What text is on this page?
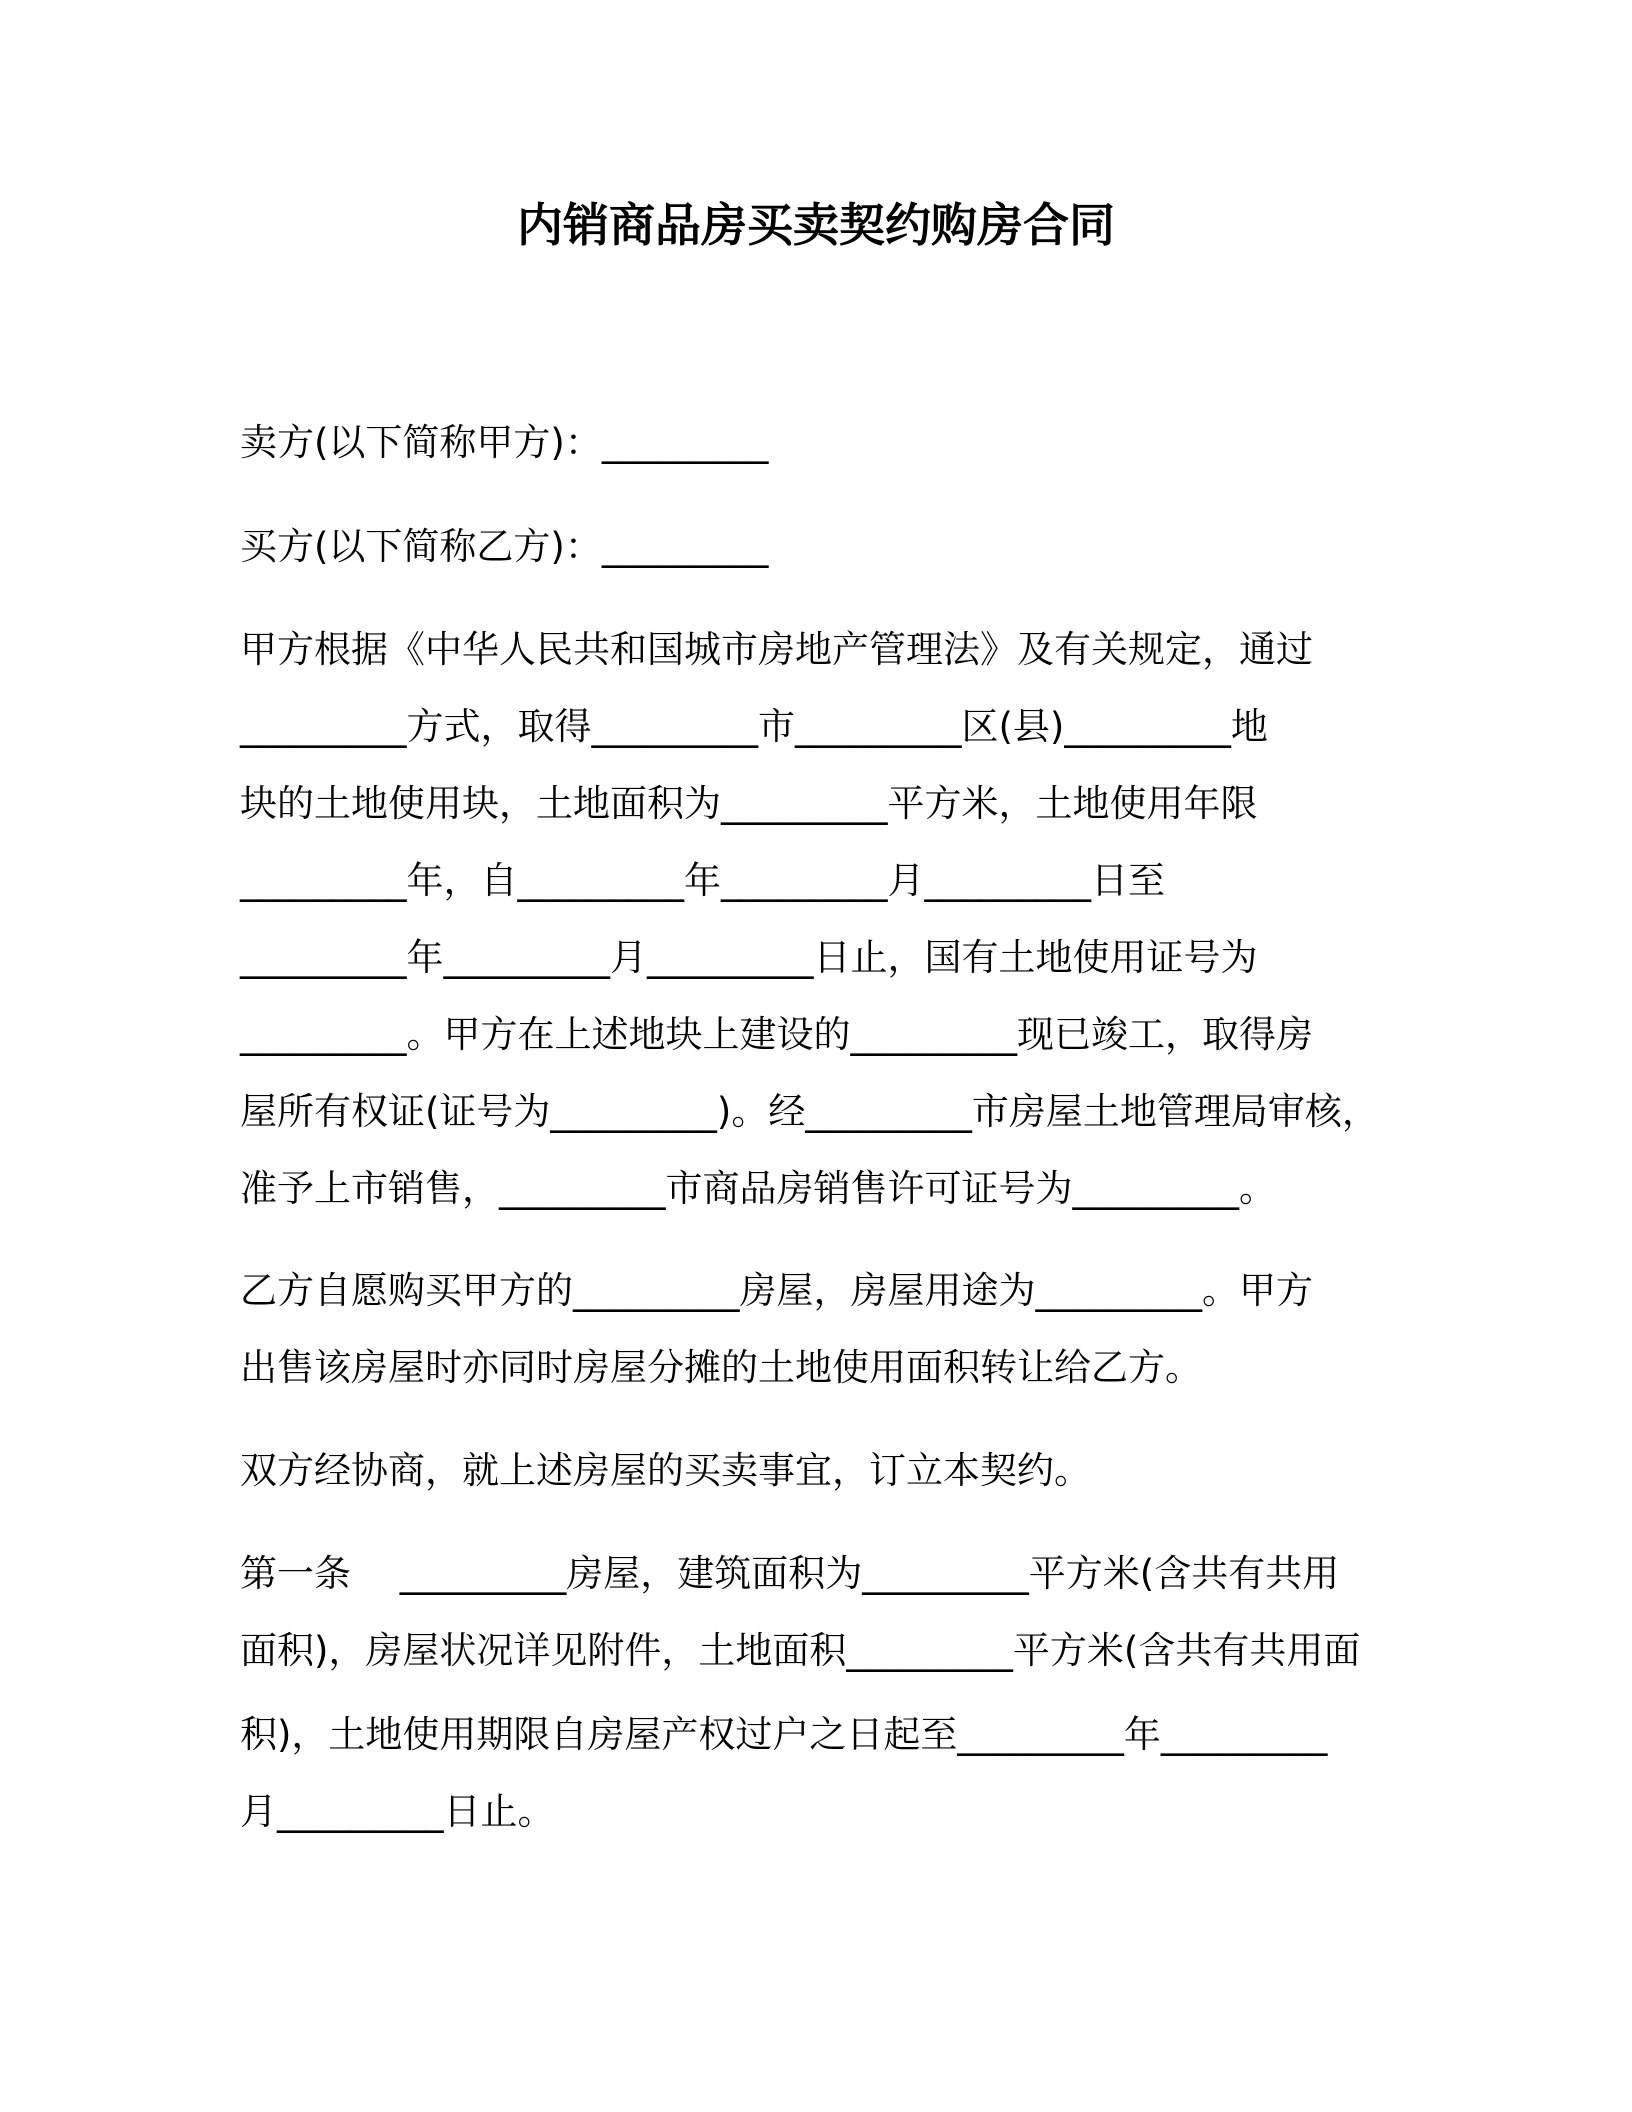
内销商品房买卖契约购房合同
卖方(以下简称甲方)：_________
买方(以下简称乙方)：_________
甲方根据《中华人民共和国城市房地产管理法》及有关规定，通过
_________方式，取得_________市_________区(县)_________地
块的土地使用块，土地面积为_________平方米，土地使用年限
_________年，自_________年_________月_________日至
_________年_________月_________日止，国有土地使用证号为
_________。甲方在上述地块上建设的_________现已竣工，取得房
屋所有权证(证号为_________)。经_________市房屋土地管理局审核，
准予上市销售，_________市商品房销售许可证号为_________。
乙方自愿购买甲方的_________房屋，房屋用途为_________。甲方
出售该房屋时亦同时房屋分摊的土地使用面积转让给乙方。
双方经协商，就上述房屋的买卖事宜，订立本契约。
第一条　 _________房屋，建筑面积为_________平方米(含共有共用
面积)，房屋状况详见附件，土地面积_________平方米(含共有共用面
积)，土地使用期限自房屋产权过户之日起至_________年_________
月_________日止。
